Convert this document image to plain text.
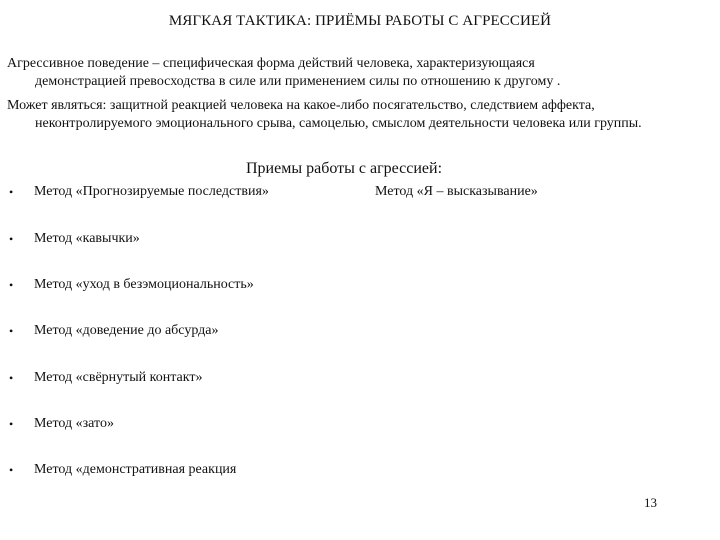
МЯГКАЯ ТАКТИКА: ПРИЁМЫ РАБОТЫ С АГРЕССИЕЙ

Агрессивное поведение – специфическая форма действий человека, характеризующаяся
демонстрацией превосходства в силе или применением силы по отношению к другому .

Может являться: защитной реакцией человека на какое-либо посягательство, следствием аффекта,
неконтролируемого эмоционального срыва, самоцелью, смыслом деятельности человека или группы.

Приемы работы с агрессией:
• Метод «Прогнозируемые последствия»	Метод «Я – высказывание»
• Метод «кавычки»
• Метод «уход в безэмоциональность»
• Метод «доведение до абсурда»
• Метод «свёрнутый контакт»
• Метод «зато»
• Метод «демонстративная реакция
13
